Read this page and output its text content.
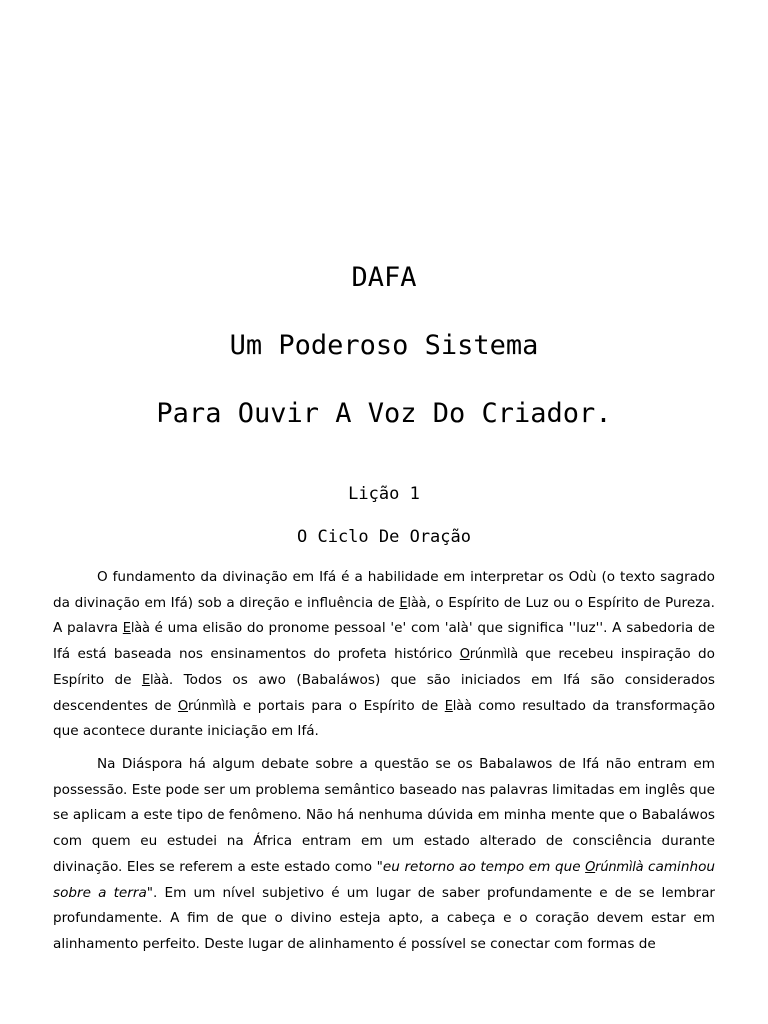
DAFA
Um Poderoso Sistema
Para Ouvir A Voz Do Criador.
Lição 1
O Ciclo De Oração

O fundamento da divinação em Ifá é a habilidade em interpretar os Odù (o texto sagrado da divinação em Ifá) sob a direção e influência de Elàà, o Espírito de Luz ou o Espírito de Pureza. A palavra Elàà é uma elisão do pronome pessoal 'e' com 'alà' que significa ''luz''. A sabedoria de Ifá está baseada nos ensinamentos do profeta histórico Orúnmìlà que recebeu inspiração do Espírito de Elàà. Todos os awo (Babaláwos) que são iniciados em Ifá são considerados descendentes de Orúnmìlà e portais para o Espírito de Elàà como resultado da transformação que acontece durante iniciação em Ifá.

Na Diáspora há algum debate sobre a questão se os Babalawos de Ifá não entram em possessão. Este pode ser um problema semântico baseado nas palavras limitadas em inglês que se aplicam a este tipo de fenômeno. Não há nenhuma dúvida em minha mente que o Babaláwos com quem eu estudei na África entram em um estado alterado de consciência durante divinação. Eles se referem a este estado como "eu retorno ao tempo em que Orúnmìlà caminhou sobre a terra". Em um nível subjetivo é um lugar de saber profundamente e de se lembrar profundamente. A fim de que o divino esteja apto, a cabeça e o coração devem estar em alinhamento perfeito. Deste lugar de alinhamento é possível se conectar com formas de
